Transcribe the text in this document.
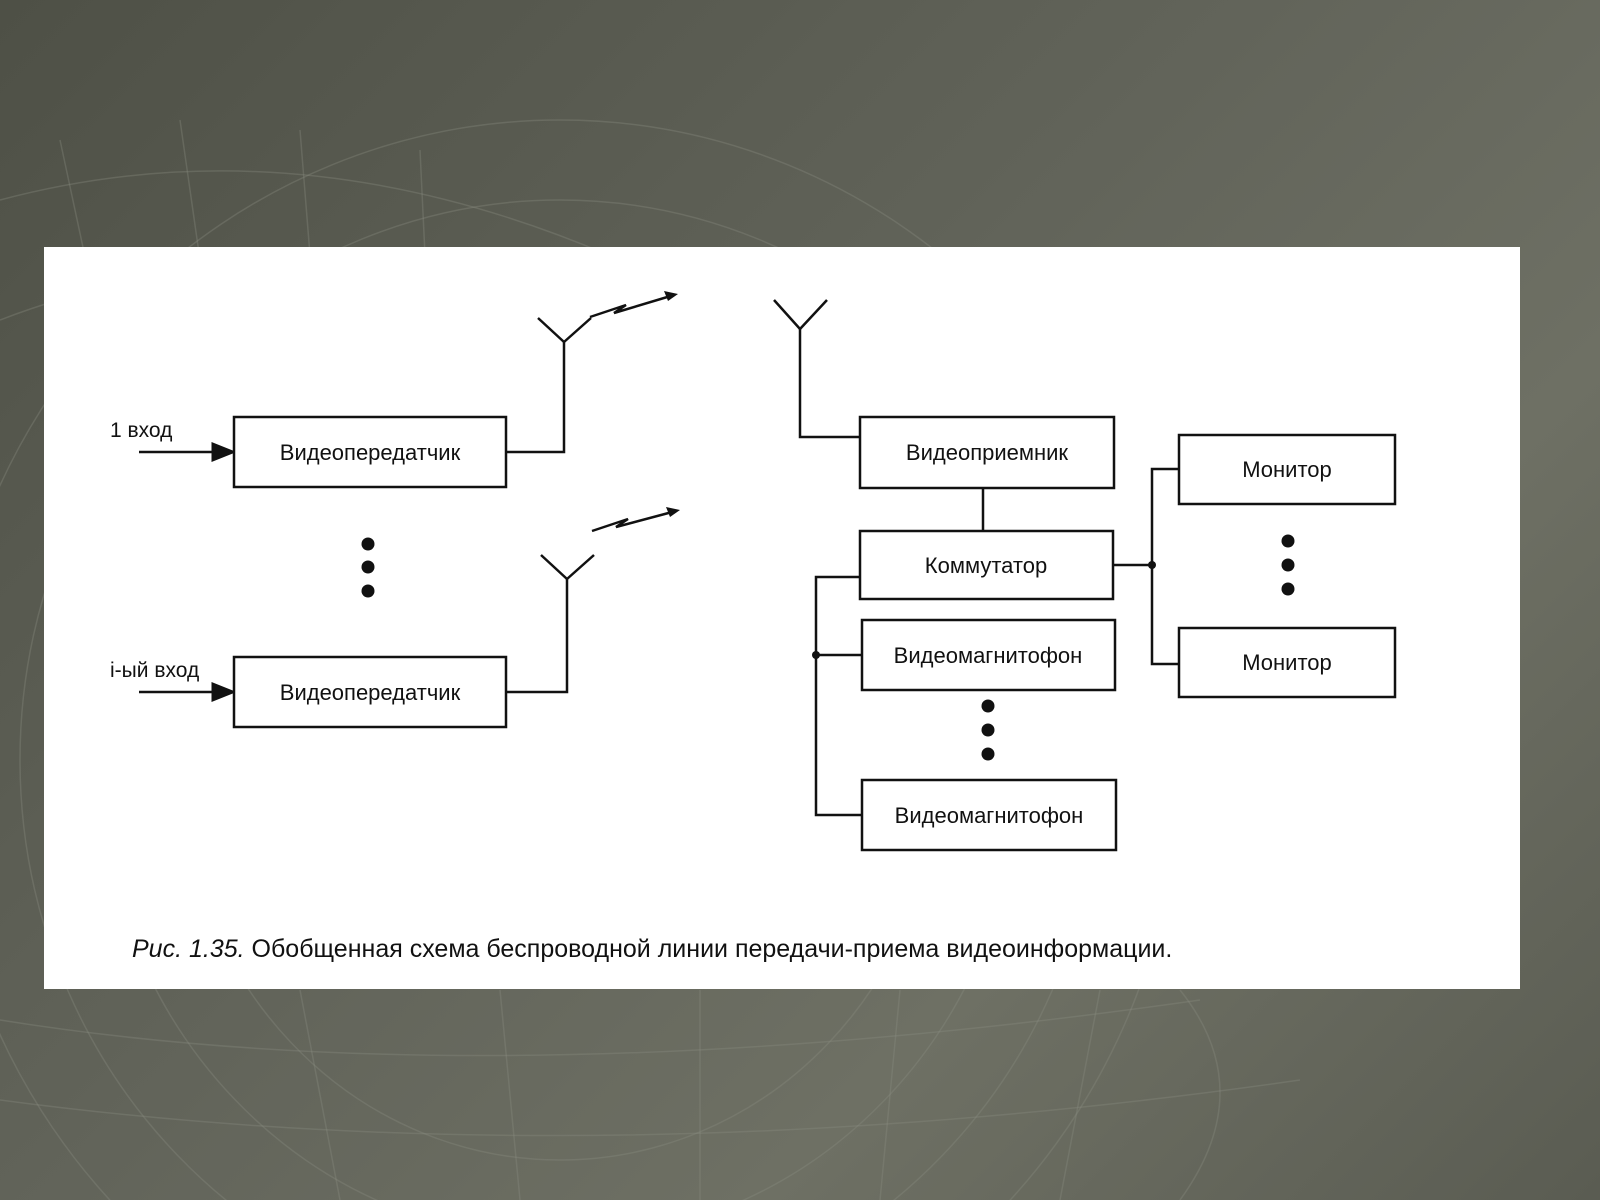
1 вход
i-ый вход
Видеопередатчик
Видеопередатчик
Видеоприемник
Коммутатор
Видеомагнитофон
Видеомагнитофон
Монитор
Монитор
Рис. 1.35. Обобщенная схема беспроводной линии передачи-приема видеоинформации.
